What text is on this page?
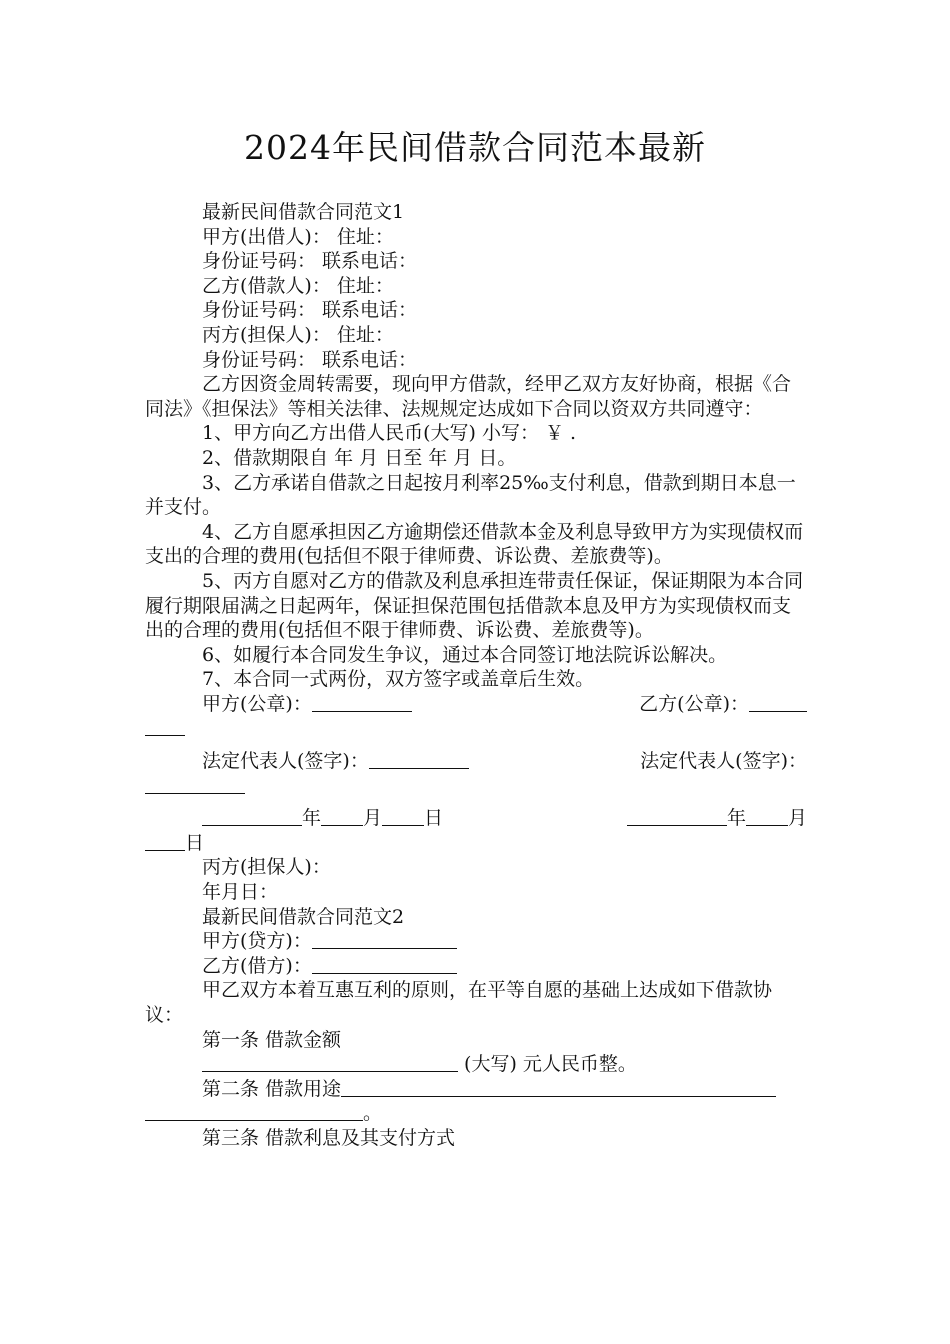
2024年民间借款合同范本最新

最新民间借款合同范文1

甲方(出借人)： 住址：

身份证号码： 联系电话：

乙方(借款人)： 住址：

身份证号码： 联系电话：

丙方(担保人)： 住址：

身份证号码： 联系电话：

乙方因资金周转需要，现向甲方借款，经甲乙双方友好协商，根据《合同法》《担保法》等相关法律、法规规定达成如下合同以资双方共同遵守：

1、甲方向乙方出借人民币(大写) 小写： ￥ .

2、借款期限自 年 月 日至 年 月 日。

3、乙方承诺自借款之日起按月利率25‰支付利息，借款到期日本息一并支付。

4、乙方自愿承担因乙方逾期偿还借款本金及利息导致甲方为实现债权而支出的合理的费用(包括但不限于律师费、诉讼费、差旅费等)。

5、丙方自愿对乙方的借款及利息承担连带责任保证，保证期限为本合同履行期限届满之日起两年，保证担保范围包括借款本息及甲方为实现债权而支出的合理的费用(包括但不限于律师费、诉讼费、差旅费等)。

6、如履行本合同发生争议，通过本合同签订地法院诉讼解决。

7、本合同一式两份，双方签字或盖章后生效。

甲方(公章)：	乙方(公章)：

法定代表人(签字)：	法定代表人(签字)：

年 月 日	年 月

日

丙方(担保人)：

年月日：

最新民间借款合同范文2

甲方(贷方)：

乙方(借方)：

甲乙双方本着互惠互利的原则，在平等自愿的基础上达成如下借款协议：

第一条 借款金额

(大写) 元人民币整。

第二条 借款用途

。

第三条 借款利息及其支付方式
